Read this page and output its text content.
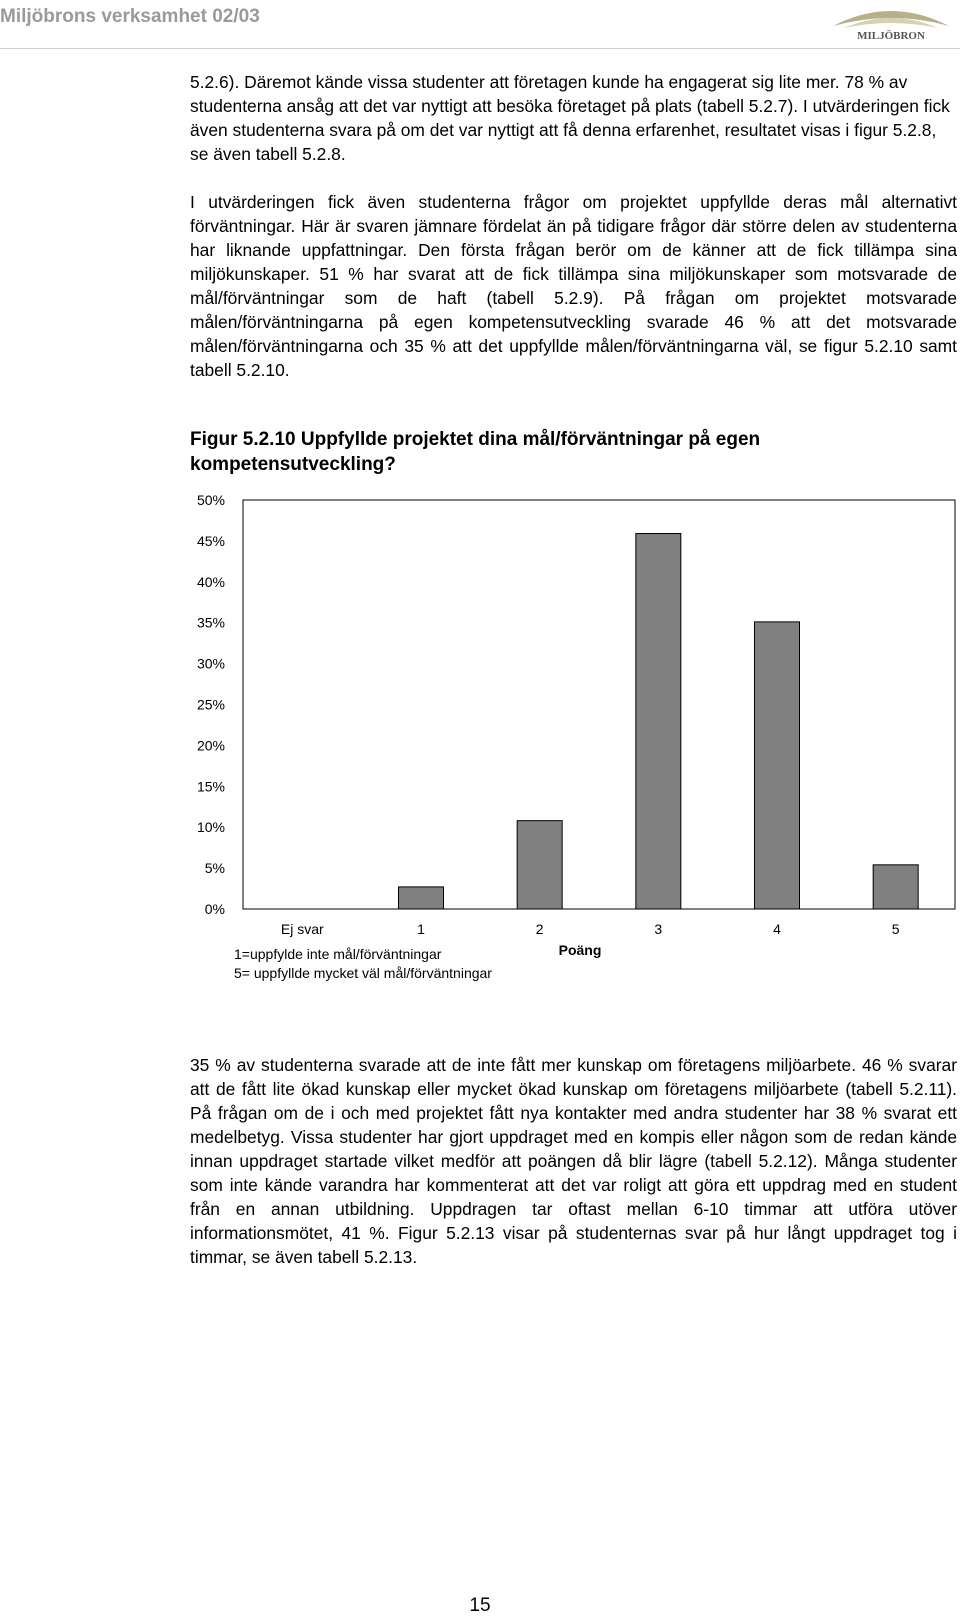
Miljöbrons verksamhet 02/03
MILJÖBRON

5.2.6). Däremot kände vissa studenter att företagen kunde ha engagerat sig lite mer. 78 % av studenterna ansåg att det var nyttigt att besöka företaget på plats (tabell 5.2.7). I utvärderingen fick även studenterna svara på om det var nyttigt att få denna erfarenhet, resultatet visas i figur 5.2.8, se även tabell 5.2.8.

I utvärderingen fick även studenterna frågor om projektet uppfyllde deras mål alternativt förväntningar. Här är svaren jämnare fördelat än på tidigare frågor där större delen av studenterna har liknande uppfattningar. Den första frågan berör om de känner att de fick tillämpa sina miljökunskaper. 51 % har svarat att de fick tillämpa sina miljökunskaper som motsvarade de mål/förväntningar som de haft (tabell 5.2.9). På frågan om projektet motsvarade målen/förväntningarna på egen kompetensutveckling svarade 46 % att det motsvarade målen/förväntningarna och 35 % att det uppfyllde målen/förväntningarna väl, se figur 5.2.10 samt tabell 5.2.10.

Figur 5.2.10 Uppfyllde projektet dina mål/förväntningar på egen kompetensutveckling?

0%
5%
10%
15%
20%
25%
30%
35%
40%
45%
50%
Ej svar	1	2	3	4	5
Poäng
1=uppfylde inte mål/förväntningar
5= uppfyllde mycket väl mål/förväntningar

35 % av studenterna svarade att de inte fått mer kunskap om företagens miljöarbete. 46 % svarar att de fått lite ökad kunskap eller mycket ökad kunskap om företagens miljöarbete (tabell 5.2.11). På frågan om de i och med projektet fått nya kontakter med andra studenter har 38 % svarat ett medelbetyg. Vissa studenter har gjort uppdraget med en kompis eller någon som de redan kände innan uppdraget startade vilket medför att poängen då blir lägre (tabell 5.2.12). Många studenter som inte kände varandra har kommenterat att det var roligt att göra ett uppdrag med en student från en annan utbildning. Uppdragen tar oftast mellan 6-10 timmar att utföra utöver informationsmötet, 41 %. Figur 5.2.13 visar på studenternas svar på hur långt uppdraget tog i timmar, se även tabell 5.2.13.

15
